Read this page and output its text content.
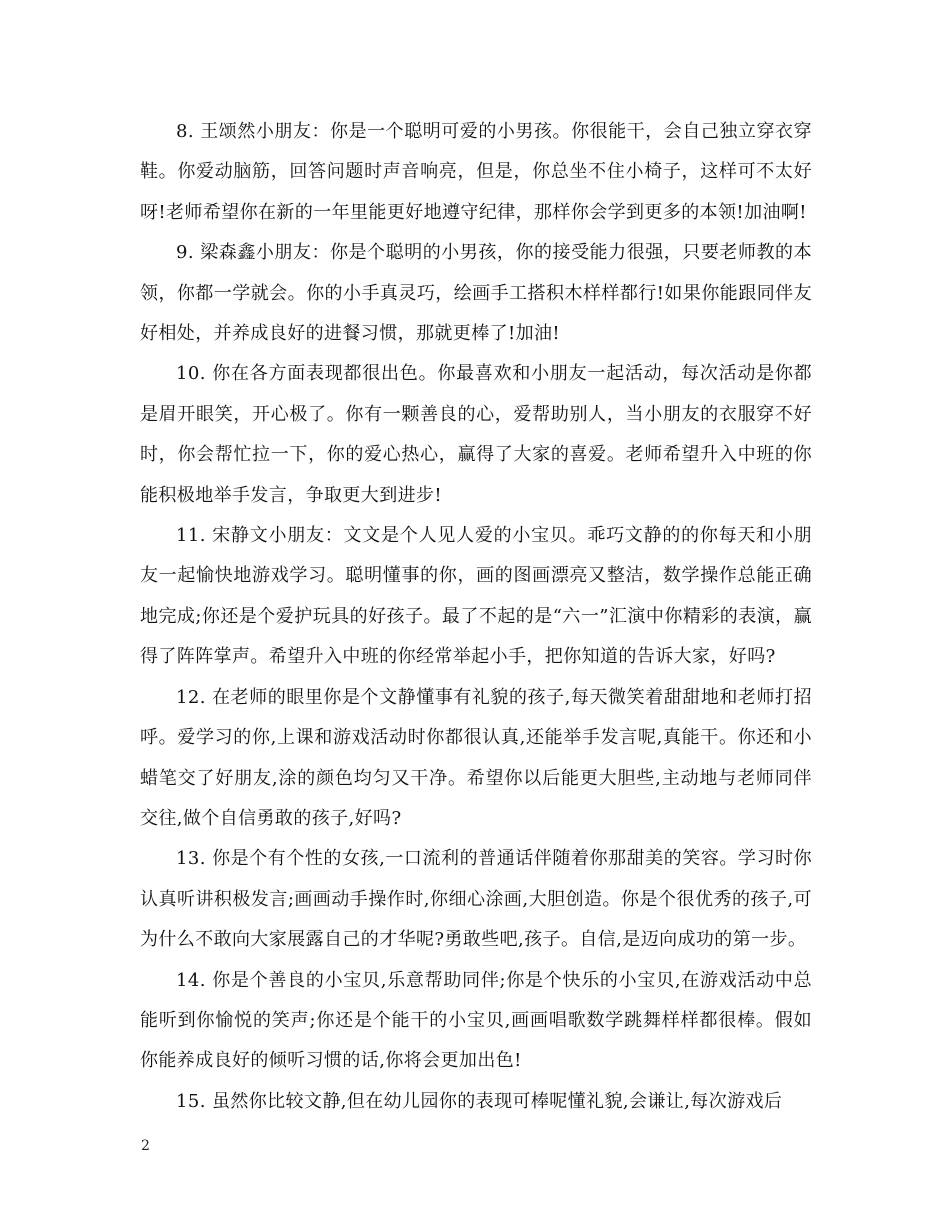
8. 王颂然小朋友：你是一个聪明可爱的小男孩。你很能干，会自己独立穿衣穿鞋。你爱动脑筋，回答问题时声音响亮，但是，你总坐不住小椅子，这样可不太好呀!老师希望你在新的一年里能更好地遵守纪律，那样你会学到更多的本领!加油啊!

9. 梁森鑫小朋友：你是个聪明的小男孩，你的接受能力很强，只要老师教的本领，你都一学就会。你的小手真灵巧，绘画手工搭积木样样都行!如果你能跟同伴友好相处，并养成良好的进餐习惯，那就更棒了!加油!

10. 你在各方面表现都很出色。你最喜欢和小朋友一起活动，每次活动是你都是眉开眼笑，开心极了。你有一颗善良的心，爱帮助别人，当小朋友的衣服穿不好时，你会帮忙拉一下，你的爱心热心，赢得了大家的喜爱。老师希望升入中班的你能积极地举手发言，争取更大到进步!

11. 宋静文小朋友：文文是个人见人爱的小宝贝。乖巧文静的的你每天和小朋友一起愉快地游戏学习。聪明懂事的你，画的图画漂亮又整洁，数学操作总能正确地完成;你还是个爱护玩具的好孩子。最了不起的是“六一”汇演中你精彩的表演，赢得了阵阵掌声。希望升入中班的你经常举起小手，把你知道的告诉大家，好吗?

12. 在老师的眼里你是个文静懂事有礼貌的孩子,每天微笑着甜甜地和老师打招呼。爱学习的你,上课和游戏活动时你都很认真,还能举手发言呢,真能干。你还和小蜡笔交了好朋友,涂的颜色均匀又干净。希望你以后能更大胆些,主动地与老师同伴交往,做个自信勇敢的孩子,好吗?

13. 你是个有个性的女孩,一口流利的普通话伴随着你那甜美的笑容。学习时你认真听讲积极发言;画画动手操作时,你细心涂画,大胆创造。你是个很优秀的孩子,可为什么不敢向大家展露自己的才华呢?勇敢些吧,孩子。自信,是迈向成功的第一步。

14. 你是个善良的小宝贝,乐意帮助同伴;你是个快乐的小宝贝,在游戏活动中总能听到你愉悦的笑声;你还是个能干的小宝贝,画画唱歌数学跳舞样样都很棒。假如你能养成良好的倾听习惯的话,你将会更加出色!

15. 虽然你比较文静,但在幼儿园你的表现可棒呢懂礼貌,会谦让,每次游戏后

2
